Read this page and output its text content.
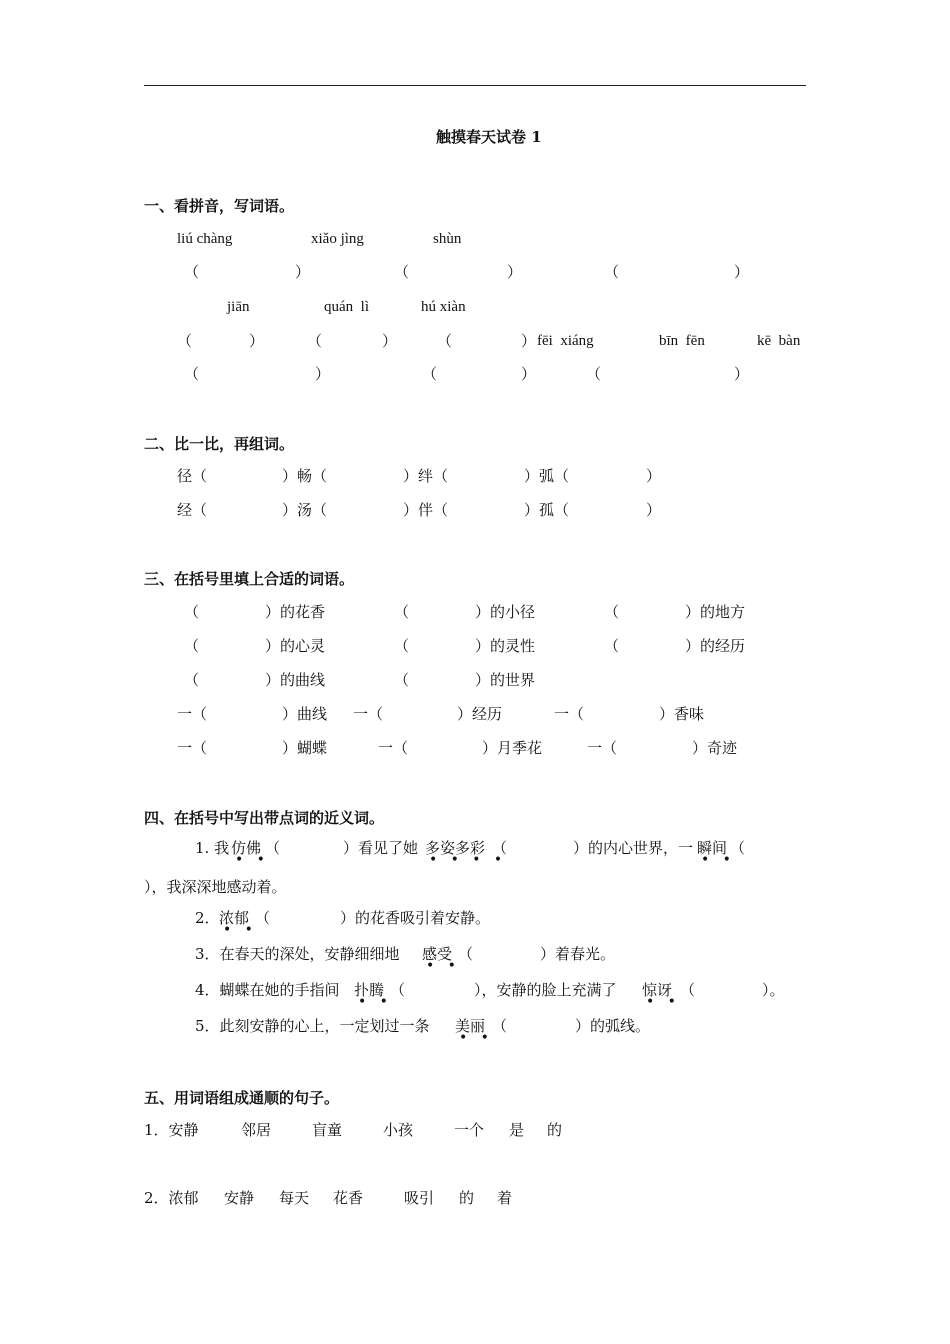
触摸春天试卷 1
一、看拼音，写词语。
liú chàng	xiǎo jìng	shùn
（	）	（	）	（	）
jiān	quán  lì	hú xiàn
（	）	（	）	（	） fēi  xiáng	bīn  fēn	kē  bàn
（	）	（	）	（	）
二、比一比，再组词。
径（	）畅（	）绊（	）弧（	）
经（	）汤（	）伴（	）孤（	）
三、在括号里填上合适的词语。
（	）的花香	（	）的小径	（	）的地方
（	）的心灵	（	）的灵性	（	）的经历
（	）的曲线	（	）的世界
一（	）曲线 一（	）经历	一（	）香味
一（	）蝴蝶	一（	）月季花	一（	）奇迹
四、在括号中写出带点词的近义词。
1. 我 仿佛 （	）看见了她 多姿多彩 （	）的内心世界，一 瞬间 （
•   •	•   •   •   •	•   •
），我深深地感动着。
2． 浓郁 （	）的花香吸引着安静。
•   •
3．在春天的深处，安静细细地 感受 （	）着春光。
•   •
4．蝴蝶在她的手指间 扑腾 （	），安静的脸上充满了 惊讶 （	）。
•   •	•   •
5．此刻安静的心上，一定划过一条 美丽 （	）的弧线。
•   •
五、用词语组成通顺的句子。
1．安静	邻居	盲童	小孩	一个 是 的
2．浓郁 安静 每天 花香	吸引 的 着
